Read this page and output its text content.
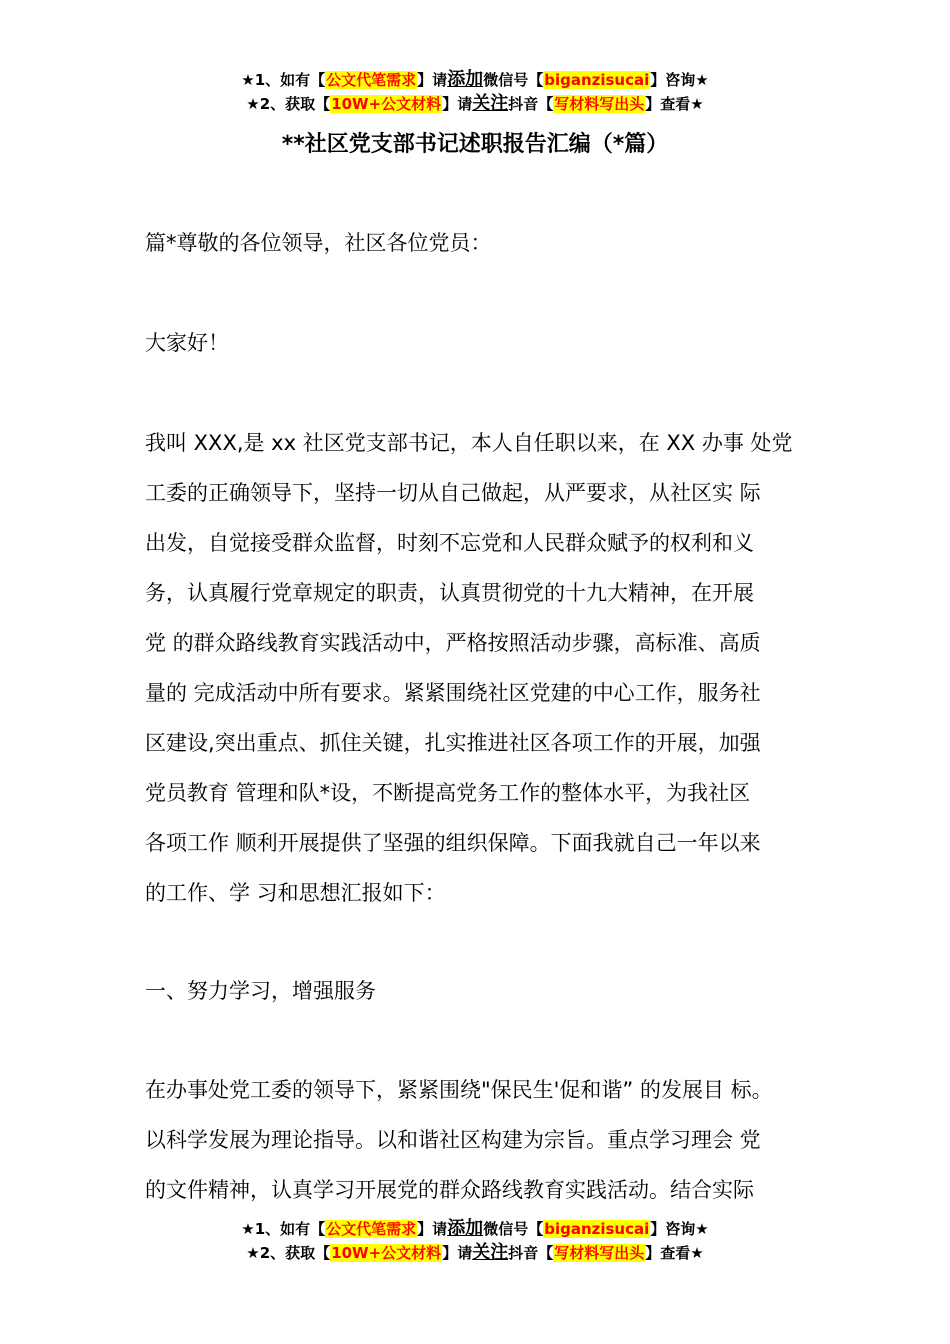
★1、如有【公文代笔需求】请添加微信号【biganzisucai】咨询★
★2、获取【10W+公文材料】请关注抖音【写材料写出头】查看★
**社区党支部书记述职报告汇编（*篇）
篇*尊敬的各位领导，社区各位党员：
大家好！
我叫 XXX,是 xx 社区党支部书记，本人自任职以来，在 XX 办事 处党
工委的正确领导下，坚持一切从自己做起，从严要求，从社区实 际
出发，自觉接受群众监督，时刻不忘党和人民群众赋予的权利和义
务，认真履行党章规定的职责，认真贯彻党的十九大精神，在开展
党 的群众路线教育实践活动中，严格按照活动步骤，高标准、高质
量的 完成活动中所有要求。紧紧围绕社区党建的中心工作，服务社
区建设,突出重点、抓住关键，扎实推进社区各项工作的开展，加强
党员教育 管理和队*设，不断提高党务工作的整体水平，为我社区
各项工作 顺利开展提供了坚强的组织保障。下面我就自己一年以来
的工作、学 习和思想汇报如下：
一、努力学习，增强服务
在办事处党工委的领导下，紧紧围绕"保民生'促和谐” 的发展目 标。
以科学发展为理论指导。以和谐社区构建为宗旨。重点学习理会 党
的文件精神，认真学习开展党的群众路线教育实践活动。结合实际
★1、如有【公文代笔需求】请添加微信号【biganzisucai】咨询★
★2、获取【10W+公文材料】请关注抖音【写材料写出头】查看★
